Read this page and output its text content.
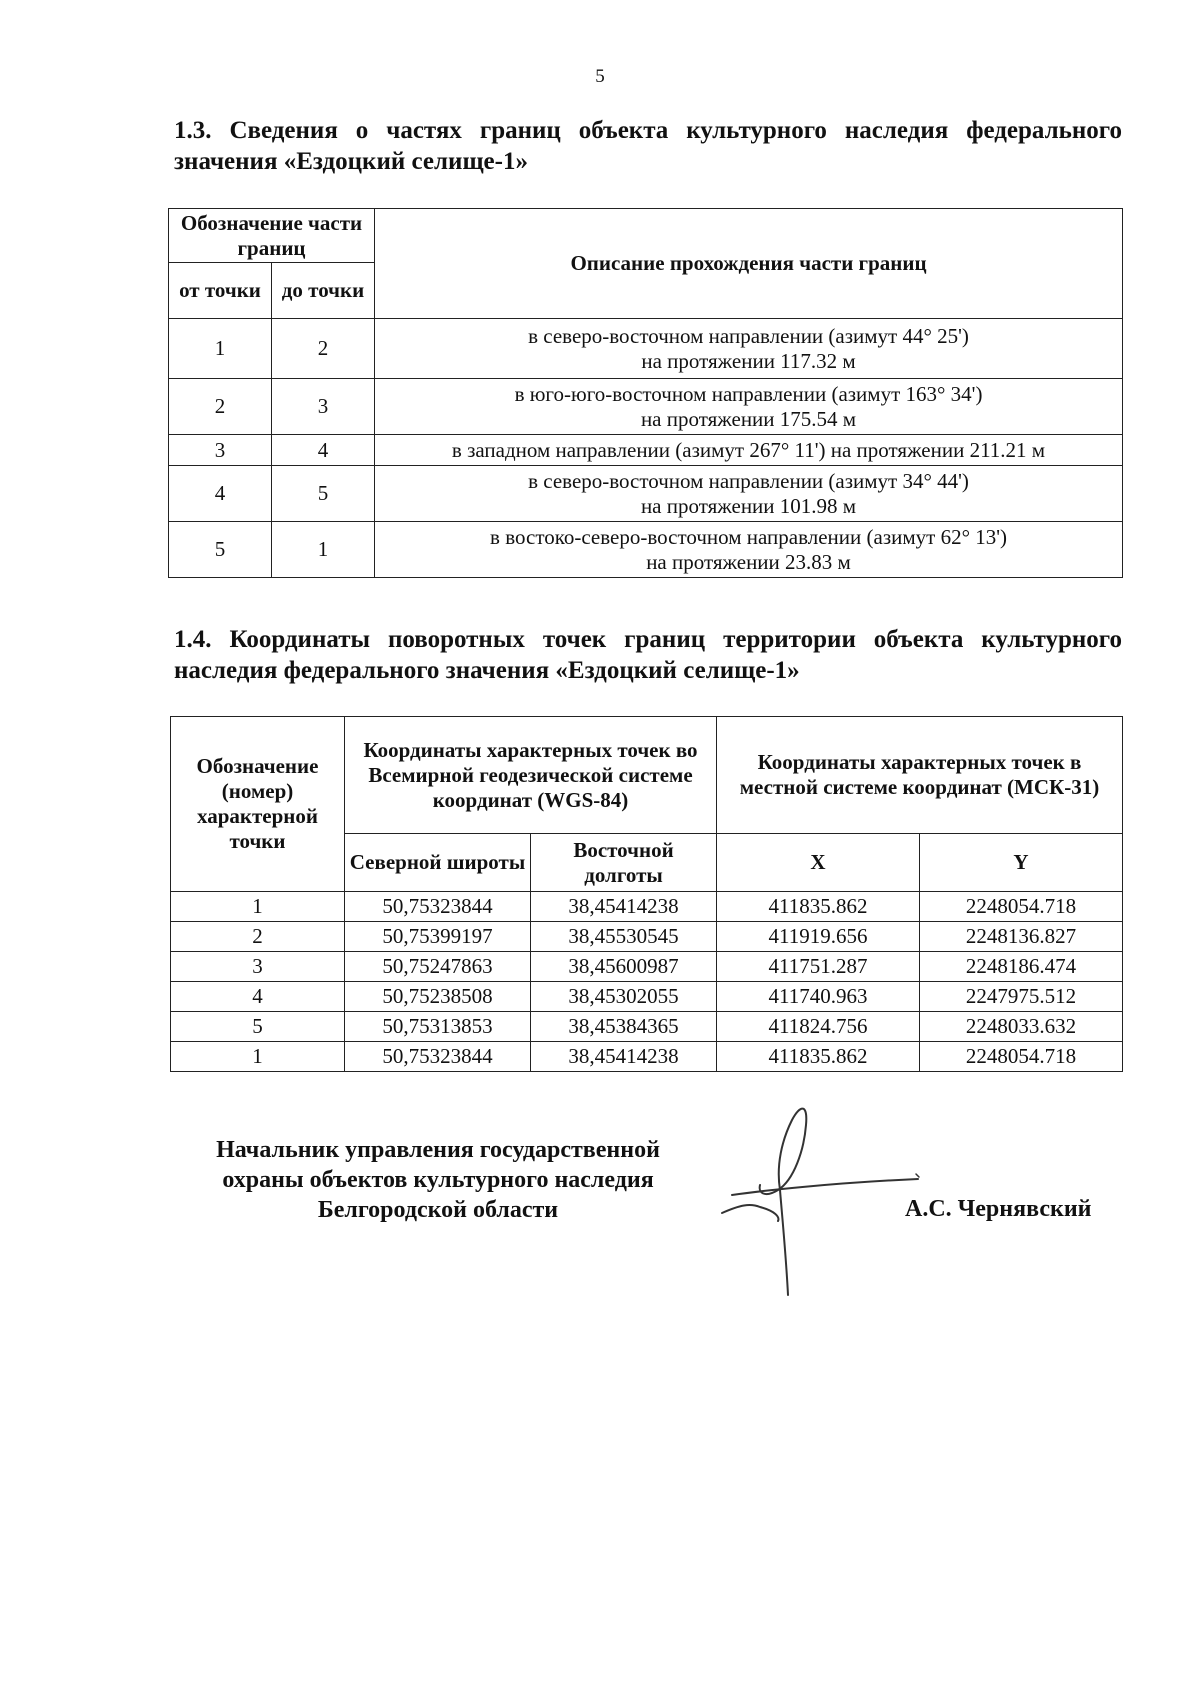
5
1.3. Сведения о частях границ объекта культурного наследия федерального значения «Ездоцкий селище-1»
Обозначение части границ		Описание прохождения части границ
от точки	до точки	
1	2	в северо-восточном направлении (азимут 44° 25')
на протяжении 117.32 м

2	3	в юго-юго-восточном направлении (азимут 163° 34')
на протяжении 175.54 м

3	4	в западном направлении (азимут 267° 11') на протяжении 211.21 м
4	5	в северо-восточном направлении (азимут 34° 44')
на протяжении 101.98 м

5	1	в востоко-северо-восточном направлении (азимут 62° 13')
на протяжении 23.83 м
1.4. Координаты поворотных точек границ территории объекта культурного наследия федерального значения «Ездоцкий селище-1»
Обозначение (номер) характерной точки	Координаты характерных точек во Всемирной геодезической системе координат (WGS-84)		Координаты характерных точек в местной системе координат (МСК-31)	
	Северной широты	Восточной долготы	X	Y
1	50,75323844	38,45414238	411835.862	2248054.718
2	50,75399197	38,45530545	411919.656	2248136.827
3	50,75247863	38,45600987	411751.287	2248186.474
4	50,75238508	38,45302055	411740.963	2247975.512
5	50,75313853	38,45384365	411824.756	2248033.632
1	50,75323844	38,45414238	411835.862	2248054.718
Начальник управления государственной
охраны объектов культурного наследия
Белгородской области	А.С. Чернявский
